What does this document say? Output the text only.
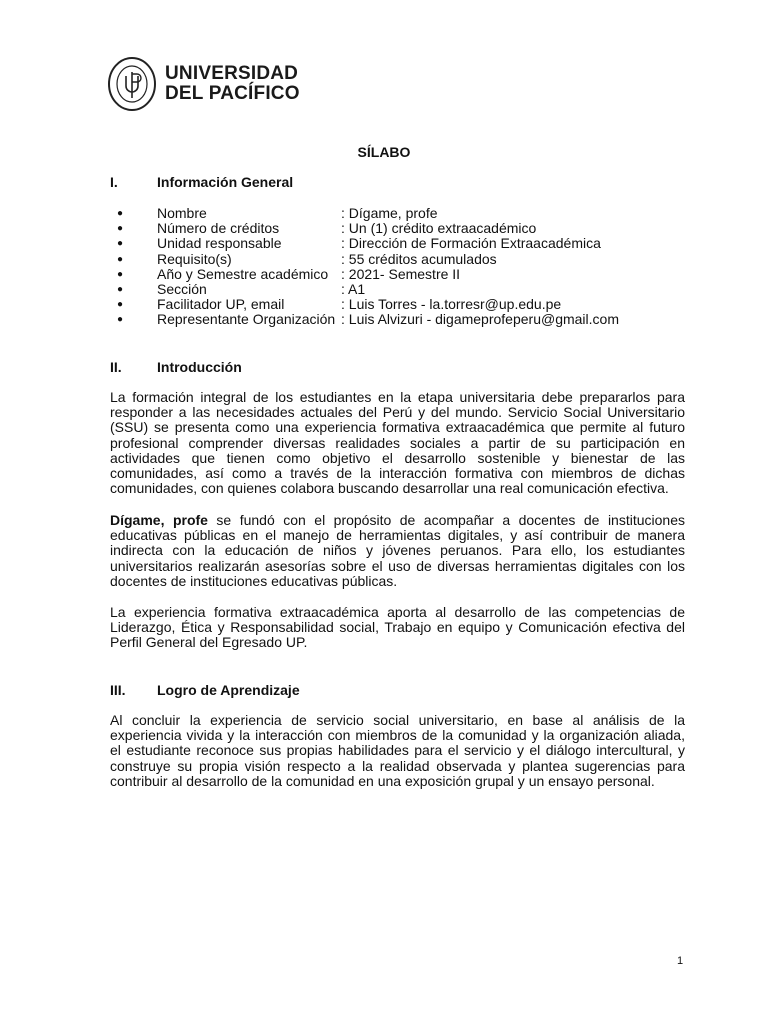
UNIVERSIDAD
DEL PACÍFICO
SÍLABO
I.	Información General
●	Nombre	: Dígame, profe
●	Número de créditos	: Un (1) crédito extraacadémico
●	Unidad responsable	: Dirección de Formación Extraacadémica
●	Requisito(s)	: 55 créditos acumulados
●	Año y Semestre académico : 2021- Semestre II
●	Sección	: A1
●	Facilitador UP, email	: Luis Torres - la.torresr@up.edu.pe
●	Representante Organización : Luis Alvizuri - digameprofeperu@gmail.com
II.	Introducción

La formación integral de los estudiantes en la etapa universitaria debe prepararlos para responder a las necesidades actuales del Perú y del mundo. Servicio Social Universitario (SSU) se presenta como una experiencia formativa extraacadémica que permite al futuro profesional comprender diversas realidades sociales a partir de su participación en actividades que tienen como objetivo el desarrollo sostenible y bienestar de las comunidades, así como a través de la interacción formativa con miembros de dichas comunidades, con quienes colabora buscando desarrollar una real comunicación efectiva.

Dígame, profe se fundó con el propósito de acompañar a docentes de instituciones educativas públicas en el manejo de herramientas digitales, y así contribuir de manera indirecta con la educación de niños y jóvenes peruanos. Para ello, los estudiantes universitarios realizarán asesorías sobre el uso de diversas herramientas digitales con los docentes de instituciones educativas públicas.

La experiencia formativa extraacadémica aporta al desarrollo de las competencias de Liderazgo, Ética y Responsabilidad social, Trabajo en equipo y Comunicación efectiva del Perfil General del Egresado UP.

III.	Logro de Aprendizaje

Al concluir la experiencia de servicio social universitario, en base al análisis de la experiencia vivida y la interacción con miembros de la comunidad y la organización aliada, el estudiante reconoce sus propias habilidades para el servicio y el diálogo intercultural, y construye su propia visión respecto a la realidad observada y plantea sugerencias para contribuir al desarrollo de la comunidad en una exposición grupal y un ensayo personal.

1
